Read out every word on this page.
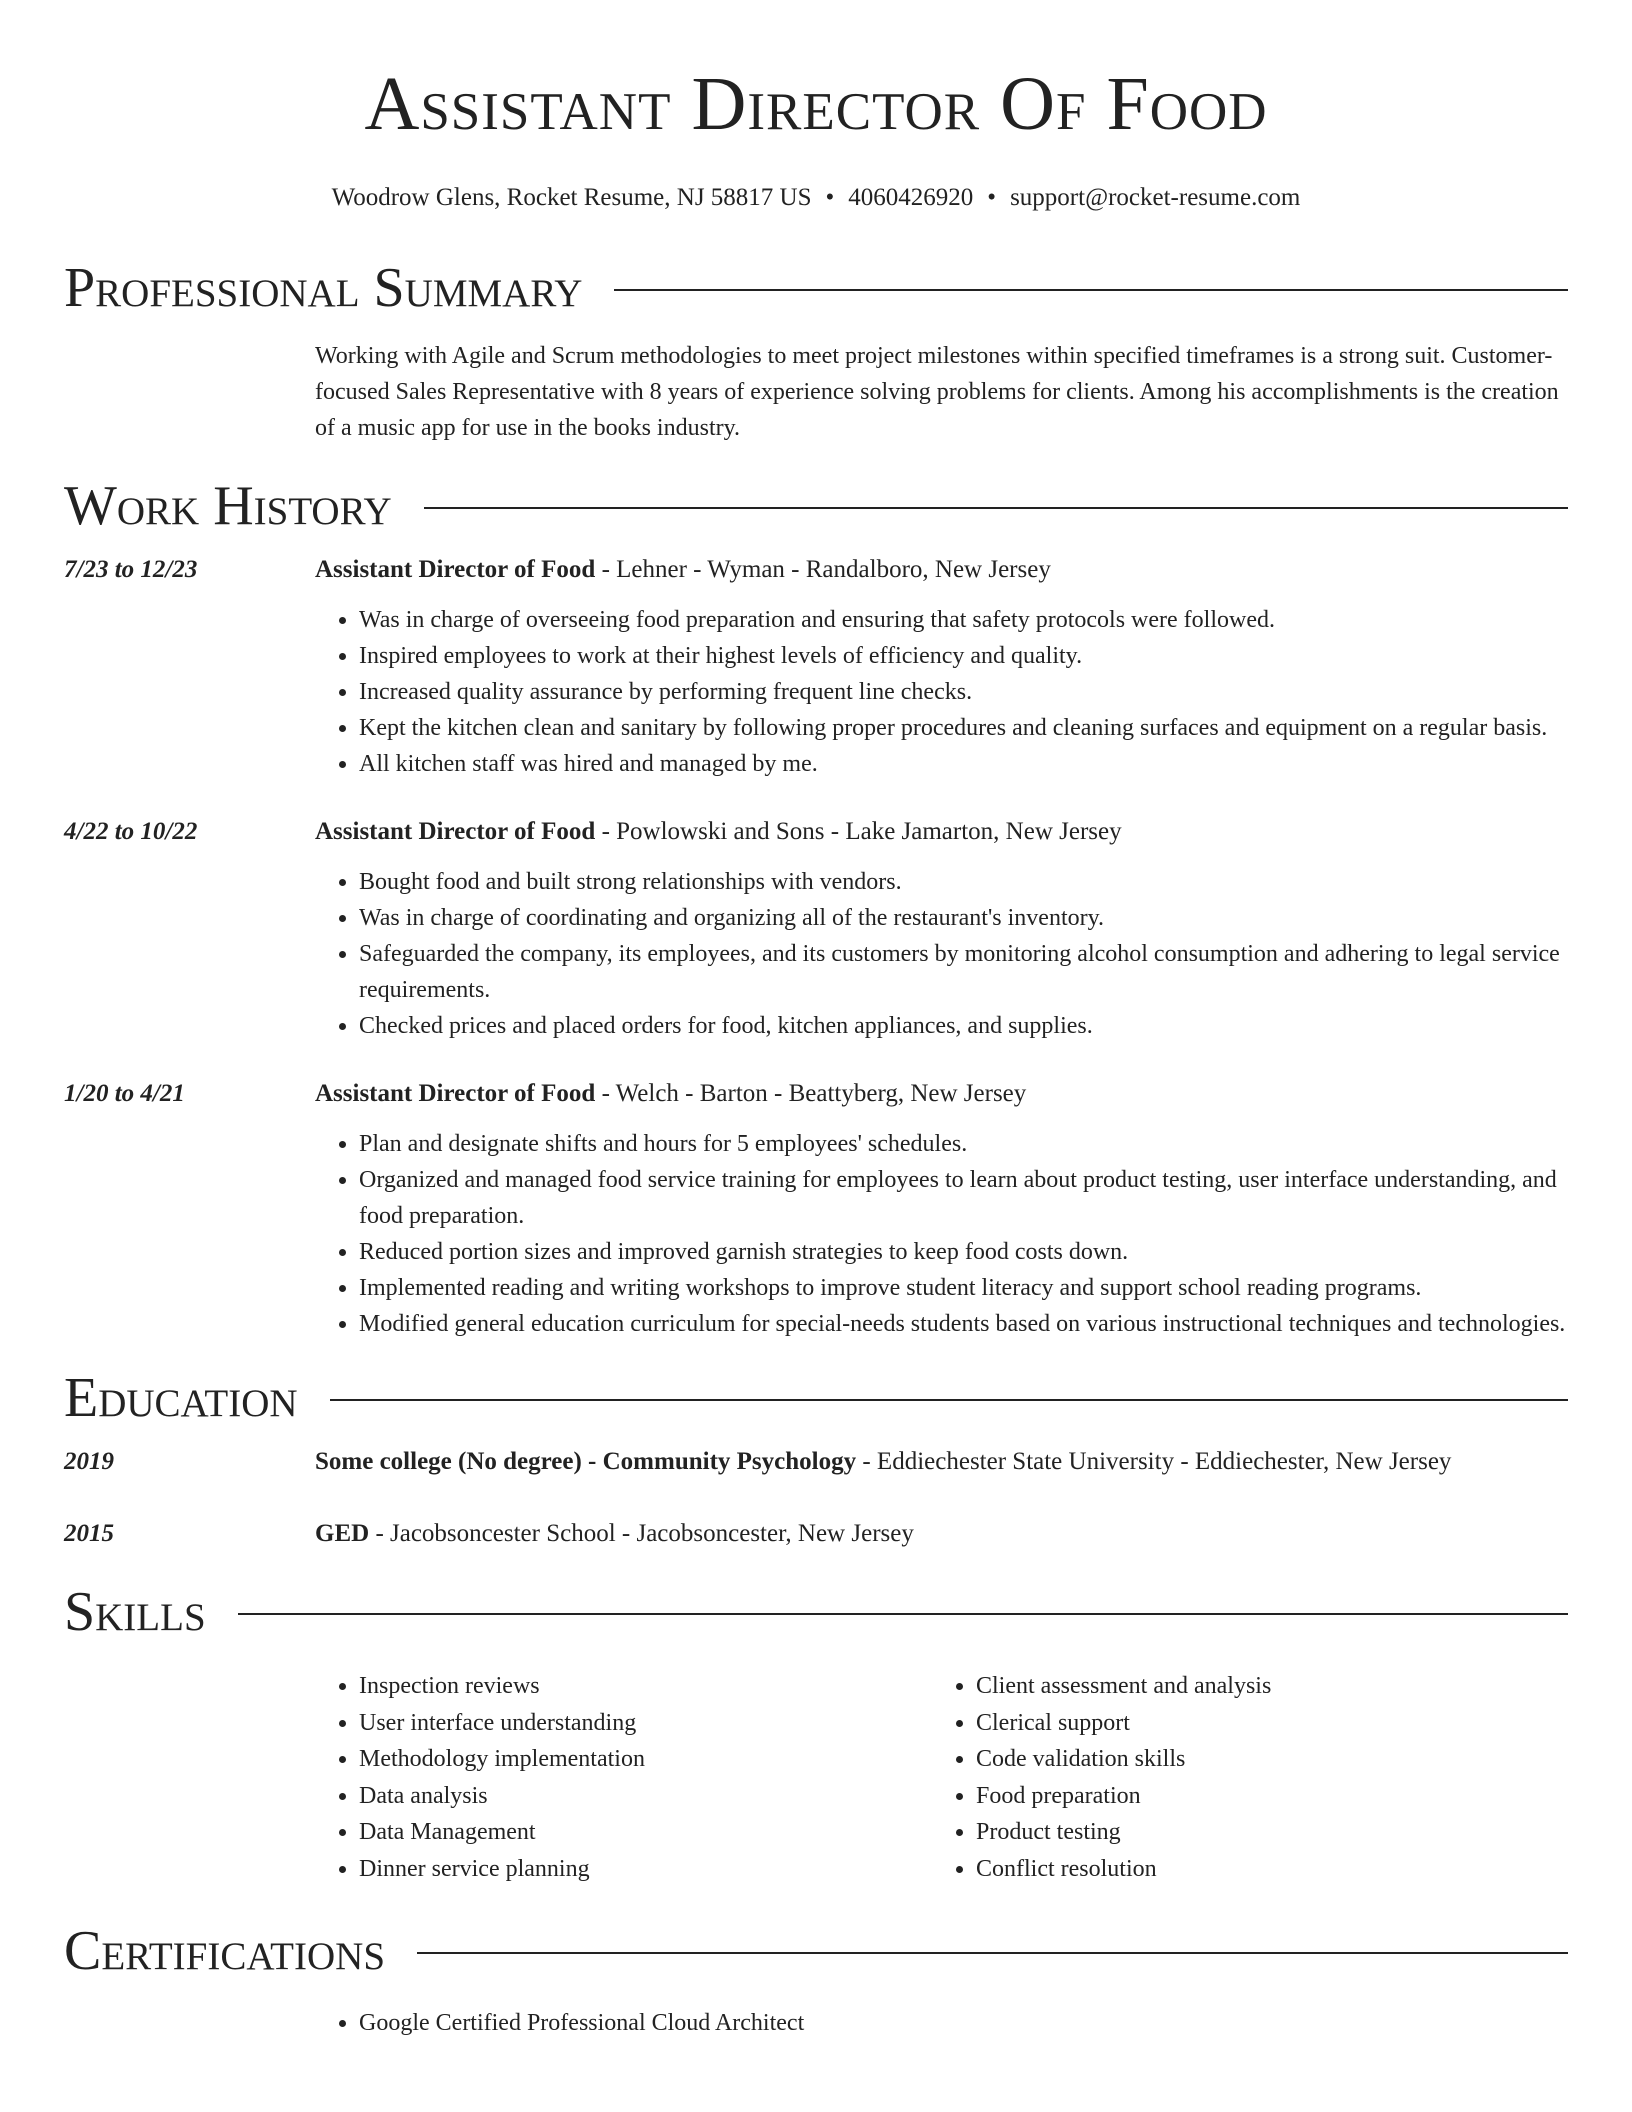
Assistant Director Of Food
Woodrow Glens, Rocket Resume, NJ 58817 US • 4060426920 • support@rocket-resume.com
Professional Summary

Working with Agile and Scrum methodologies to meet project milestones within specified timeframes is a strong suit. Customer-focused Sales Representative with 8 years of experience solving problems for clients. Among his accomplishments is the creation of a music app for use in the books industry.

Work History
7/23 to 12/23	Assistant Director of Food - Lehner - Wyman - Randalboro, New Jersey
• Was in charge of overseeing food preparation and ensuring that safety protocols were followed.
• Inspired employees to work at their highest levels of efficiency and quality.
• Increased quality assurance by performing frequent line checks.
• Kept the kitchen clean and sanitary by following proper procedures and cleaning surfaces and equipment on a regular basis.
• All kitchen staff was hired and managed by me.
4/22 to 10/22	Assistant Director of Food - Powlowski and Sons - Lake Jamarton, New Jersey
• Bought food and built strong relationships with vendors.
• Was in charge of coordinating and organizing all of the restaurant's inventory.
• Safeguarded the company, its employees, and its customers by monitoring alcohol consumption and adhering to legal service requirements.
• Checked prices and placed orders for food, kitchen appliances, and supplies.
1/20 to 4/21	Assistant Director of Food - Welch - Barton - Beattyberg, New Jersey
• Plan and designate shifts and hours for 5 employees' schedules.
• Organized and managed food service training for employees to learn about product testing, user interface understanding, and food preparation.
• Reduced portion sizes and improved garnish strategies to keep food costs down.
• Implemented reading and writing workshops to improve student literacy and support school reading programs.
• Modified general education curriculum for special-needs students based on various instructional techniques and technologies.
Education
2019	Some college (No degree) - Community Psychology - Eddiechester State University - Eddiechester, New Jersey
2015	GED - Jacobsoncester School - Jacobsoncester, New Jersey
Skills
• Inspection reviews
• User interface understanding
• Methodology implementation
• Data analysis
• Data Management
• Dinner service planning
• Client assessment and analysis
• Clerical support
• Code validation skills
• Food preparation
• Product testing
• Conflict resolution
Certifications
• Google Certified Professional Cloud Architect
